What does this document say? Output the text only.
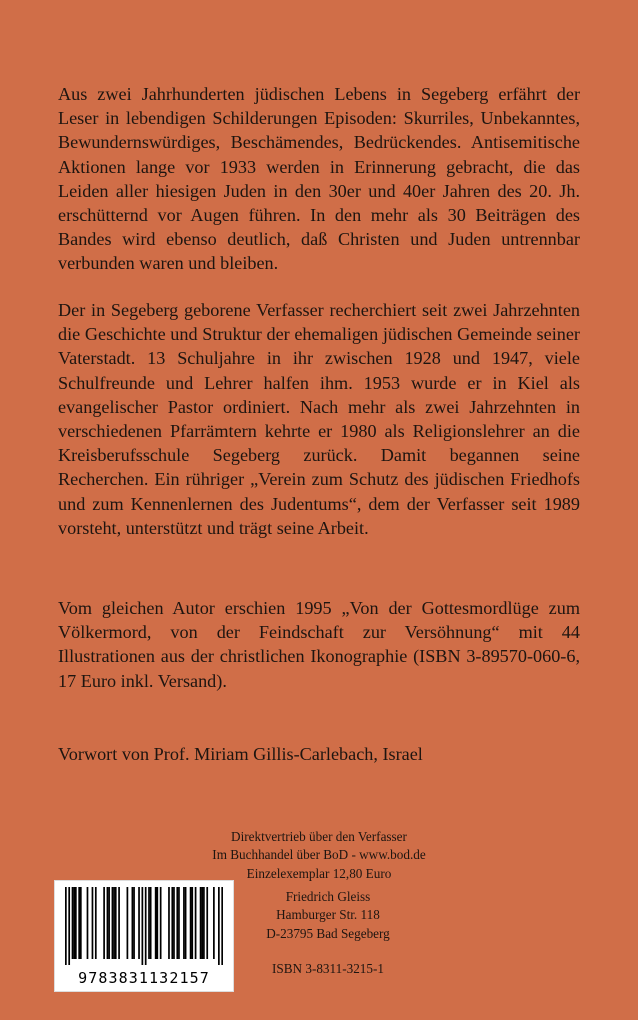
Aus zwei Jahrhunderten jüdischen Lebens in Segeberg erfährt der Leser in lebendigen Schilderungen Episoden: Skurriles, Unbekanntes, Bewundernswürdiges, Beschämendes, Bedrückendes. Antisemitische Aktionen lange vor 1933 werden in Erinnerung gebracht, die das Leiden aller hiesigen Juden in den 30er und 40er Jahren des 20. Jh. erschütternd vor Augen führen. In den mehr als 30 Beiträgen des Bandes wird ebenso deutlich, daß Christen und Juden untrennbar verbunden waren und bleiben.

Der in Segeberg geborene Verfasser recherchiert seit zwei Jahrzehnten die Geschichte und Struktur der ehemaligen jüdischen Gemeinde seiner Vaterstadt. 13 Schuljahre in ihr zwischen 1928 und 1947, viele Schulfreunde und Lehrer halfen ihm. 1953 wurde er in Kiel als evangelischer Pastor ordiniert. Nach mehr als zwei Jahrzehnten in verschiedenen Pfarrämtern kehrte er 1980 als Religionslehrer an die Kreisberufsschule Segeberg zurück. Damit begannen seine Recherchen. Ein rühriger „Verein zum Schutz des jüdischen Friedhofs und zum Kennenlernen des Judentums“, dem der Verfasser seit 1989 vorsteht, unterstützt und trägt seine Arbeit.

Vom gleichen Autor erschien 1995 „Von der Gottesmordlüge zum Völkermord, von der Feindschaft zur Versöhnung“ mit 44 Illustrationen aus der christlichen Ikonographie (ISBN 3-89570-060-6, 17 Euro inkl. Versand).

Vorwort von Prof. Miriam Gillis-Carlebach, Israel

Direktvertrieb über den Verfasser
Im Buchhandel über BoD - www.bod.de
Einzelexemplar 12,80 Euro
9783831132157
Friedrich Gleiss
Hamburger Str. 118
D-23795 Bad Segeberg
ISBN 3-8311-3215-1
